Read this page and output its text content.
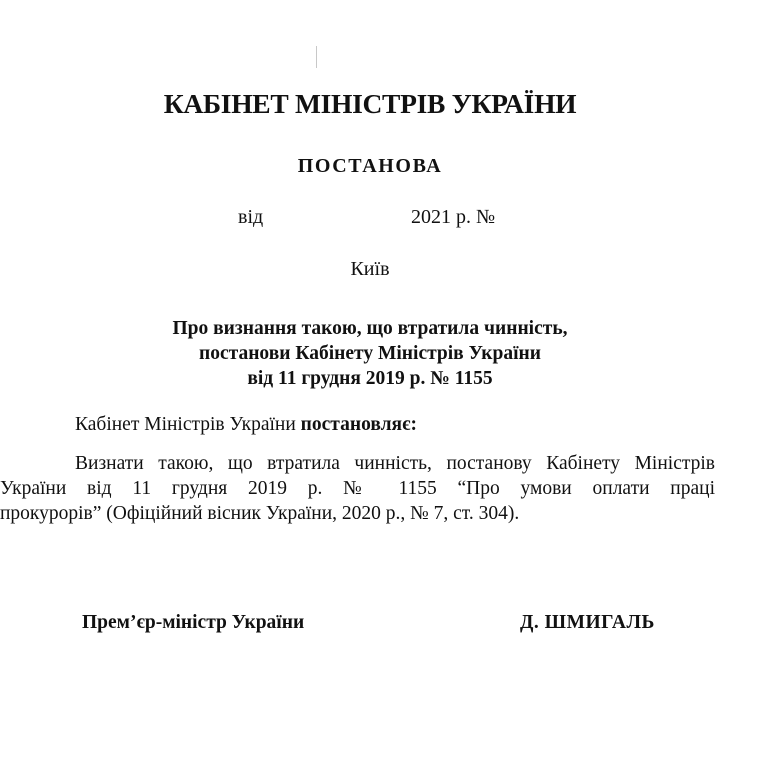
КАБІНЕТ МІНІСТРІВ УКРАЇНИ
ПОСТАНОВА
від	2021 р. №
Київ
Про визнання такою, що втратила чинність,
постанови Кабінету Міністрів України
від 11 грудня 2019 р. № 1155
Кабінет Міністрів України постановляє:
Визнати такою, що втратила чинність, постанову Кабінету Міністрів
України від 11 грудня 2019 р. № 1155 “Про умови оплати праці
прокурорів” (Офіційний вісник України, 2020 р., № 7, ст. 304).
Прем’єр-міністр України	Д. ШМИГАЛЬ
